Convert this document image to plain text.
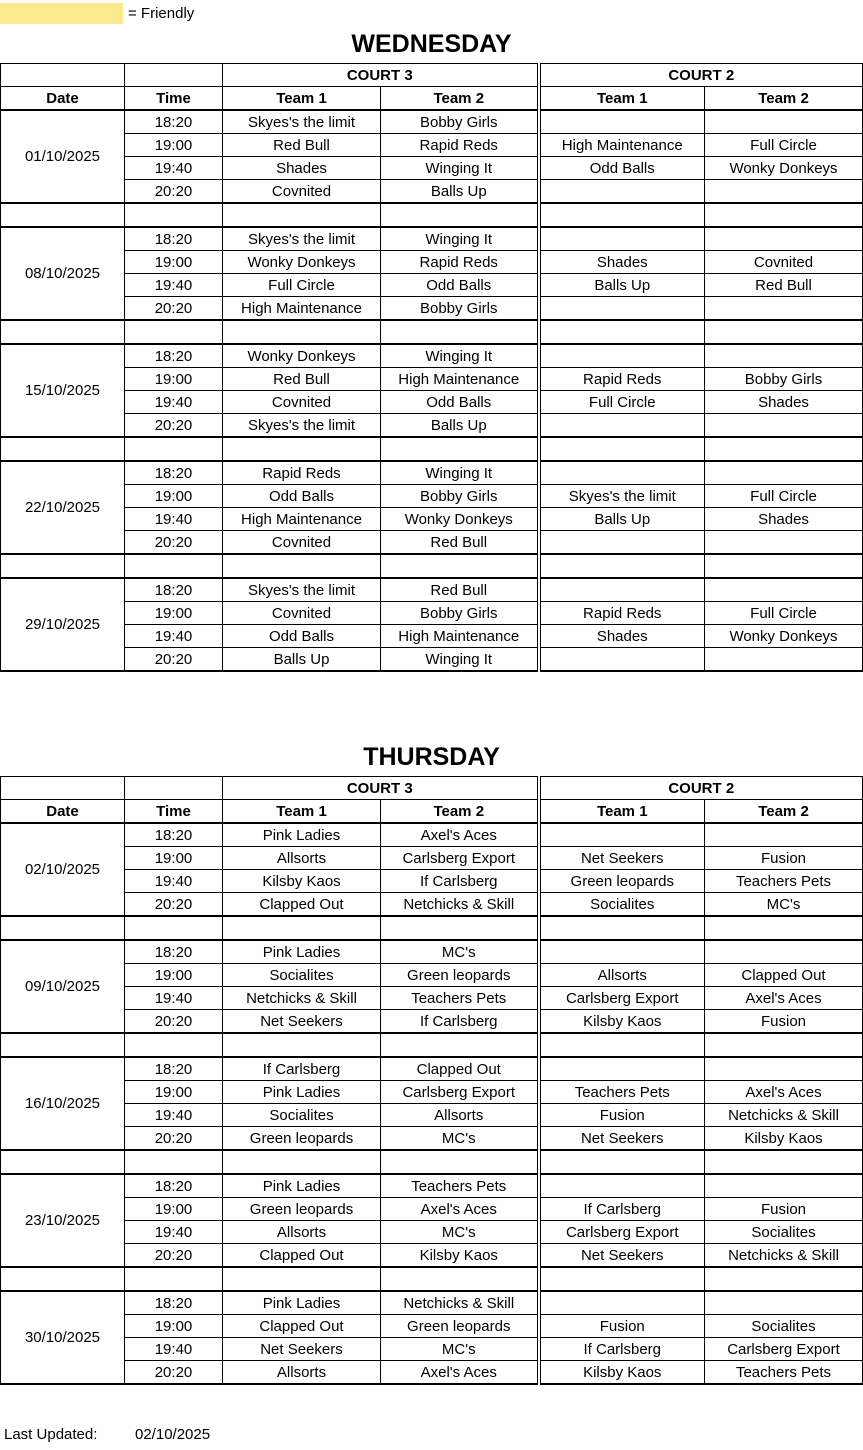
= Friendly
WEDNESDAY
		COURT 3		COURT 2	
Date	Time	Team 1	Team 2	Team 1	Team 2
01/10/2025	18:20	Skyes's the limit	Bobby Girls		
	19:00	Red Bull	Rapid Reds	High Maintenance	Full Circle
	19:40	Shades	Winging It	Odd Balls	Wonky Donkeys
	20:20	Covnited	Balls Up		

08/10/2025	18:20	Skyes's the limit	Winging It		
	19:00	Wonky Donkeys	Rapid Reds	Shades	Covnited
	19:40	Full Circle	Odd Balls	Balls Up	Red Bull
	20:20	High Maintenance	Bobby Girls		

15/10/2025	18:20	Wonky Donkeys	Winging It		
	19:00	Red Bull	High Maintenance	Rapid Reds	Bobby Girls
	19:40	Covnited	Odd Balls	Full Circle	Shades
	20:20	Skyes's the limit	Balls Up		

22/10/2025	18:20	Rapid Reds	Winging It		
	19:00	Odd Balls	Bobby Girls	Skyes's the limit	Full Circle
	19:40	High Maintenance	Wonky Donkeys	Balls Up	Shades
	20:20	Covnited	Red Bull		

29/10/2025	18:20	Skyes's the limit	Red Bull		
	19:00	Covnited	Bobby Girls	Rapid Reds	Full Circle
	19:40	Odd Balls	High Maintenance	Shades	Wonky Donkeys
	20:20	Balls Up	Winging It		
THURSDAY
		COURT 3		COURT 2	
Date	Time	Team 1	Team 2	Team 1	Team 2
02/10/2025	18:20	Pink Ladies	Axel's Aces		
	19:00	Allsorts	Carlsberg Export	Net Seekers	Fusion
	19:40	Kilsby Kaos	If Carlsberg	Green leopards	Teachers Pets
	20:20	Clapped Out	Netchicks & Skill	Socialites	MC's

09/10/2025	18:20	Pink Ladies	MC's		
	19:00	Socialites	Green leopards	Allsorts	Clapped Out
	19:40	Netchicks & Skill	Teachers Pets	Carlsberg Export	Axel's Aces
	20:20	Net Seekers	If Carlsberg	Kilsby Kaos	Fusion

16/10/2025	18:20	If Carlsberg	Clapped Out		
	19:00	Pink Ladies	Carlsberg Export	Teachers Pets	Axel's Aces
	19:40	Socialites	Allsorts	Fusion	Netchicks & Skill
	20:20	Green leopards	MC's	Net Seekers	Kilsby Kaos

23/10/2025	18:20	Pink Ladies	Teachers Pets		
	19:00	Green leopards	Axel's Aces	If Carlsberg	Fusion
	19:40	Allsorts	MC's	Carlsberg Export	Socialites
	20:20	Clapped Out	Kilsby Kaos	Net Seekers	Netchicks & Skill

30/10/2025	18:20	Pink Ladies	Netchicks & Skill		
	19:00	Clapped Out	Green leopards	Fusion	Socialites
	19:40	Net Seekers	MC's	If Carlsberg	Carlsberg Export
	20:20	Allsorts	Axel's Aces	Kilsby Kaos	Teachers Pets
Last Updated:	02/10/2025
